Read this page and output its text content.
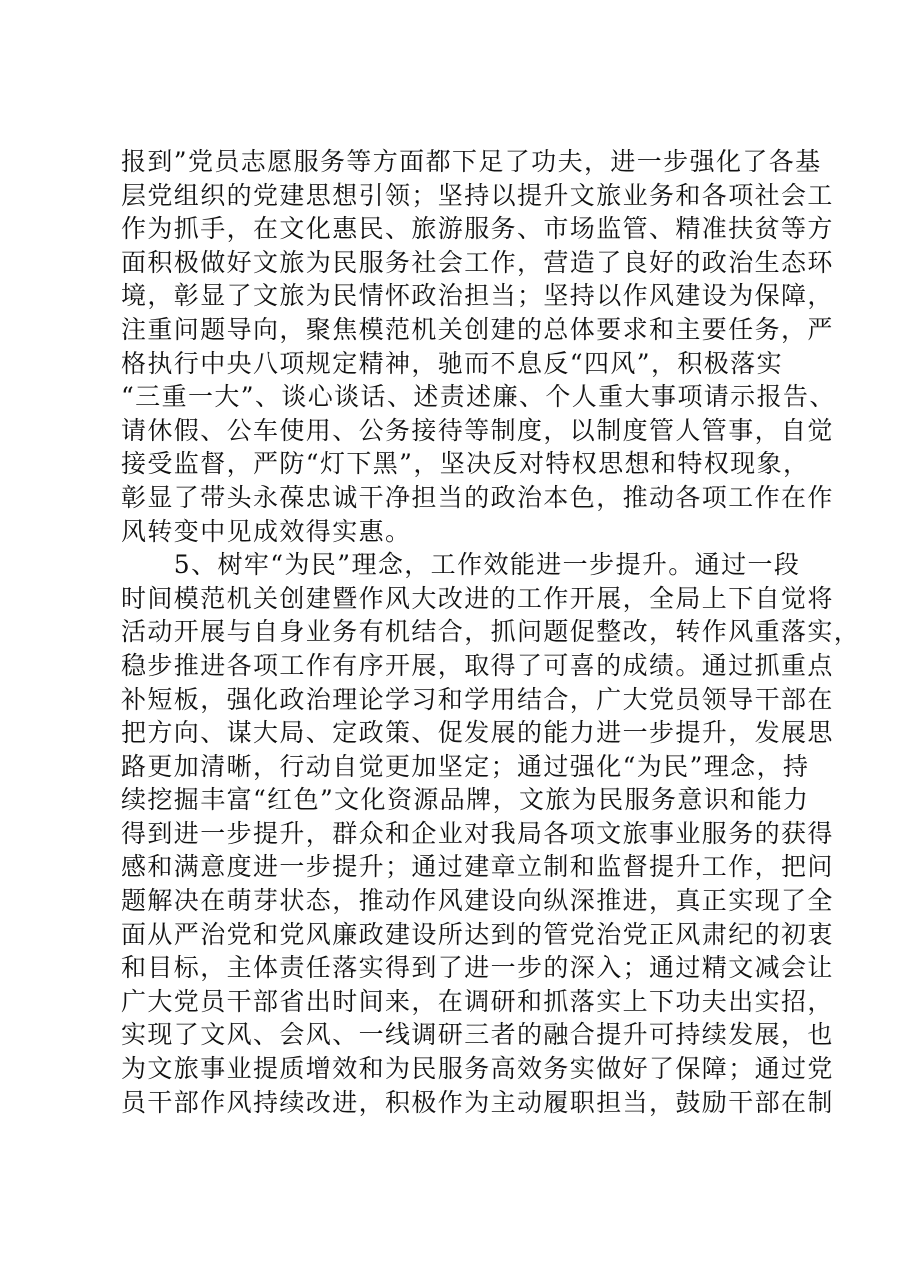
报到”党员志愿服务等方面都下足了功夫，进一步强化了各基
层党组织的党建思想引领；坚持以提升文旅业务和各项社会工
作为抓手，在文化惠民、旅游服务、市场监管、精准扶贫等方
面积极做好文旅为民服务社会工作，营造了良好的政治生态环
境，彰显了文旅为民情怀政治担当；坚持以作风建设为保障，
注重问题导向，聚焦模范机关创建的总体要求和主要任务，严
格执行中央八项规定精神，驰而不息反“四风”，积极落实
“三重一大”、谈心谈话、述责述廉、个人重大事项请示报告、
请休假、公车使用、公务接待等制度，以制度管人管事，自觉
接受监督，严防“灯下黑”，坚决反对特权思想和特权现象，
彰显了带头永葆忠诚干净担当的政治本色，推动各项工作在作
风转变中见成效得实惠。
　　5、树牢“为民”理念，工作效能进一步提升。通过一段
时间模范机关创建暨作风大改进的工作开展，全局上下自觉将
活动开展与自身业务有机结合，抓问题促整改，转作风重落实，
稳步推进各项工作有序开展，取得了可喜的成绩。通过抓重点
补短板，强化政治理论学习和学用结合，广大党员领导干部在
把方向、谋大局、定政策、促发展的能力进一步提升，发展思
路更加清晰，行动自觉更加坚定；通过强化“为民”理念，持
续挖掘丰富“红色”文化资源品牌，文旅为民服务意识和能力
得到进一步提升，群众和企业对我局各项文旅事业服务的获得
感和满意度进一步提升；通过建章立制和监督提升工作，把问
题解决在萌芽状态，推动作风建设向纵深推进，真正实现了全
面从严治党和党风廉政建设所达到的管党治党正风肃纪的初衷
和目标，主体责任落实得到了进一步的深入；通过精文减会让
广大党员干部省出时间来，在调研和抓落实上下功夫出实招，
实现了文风、会风、一线调研三者的融合提升可持续发展，也
为文旅事业提质增效和为民服务高效务实做好了保障；通过党
员干部作风持续改进，积极作为主动履职担当，鼓励干部在制
